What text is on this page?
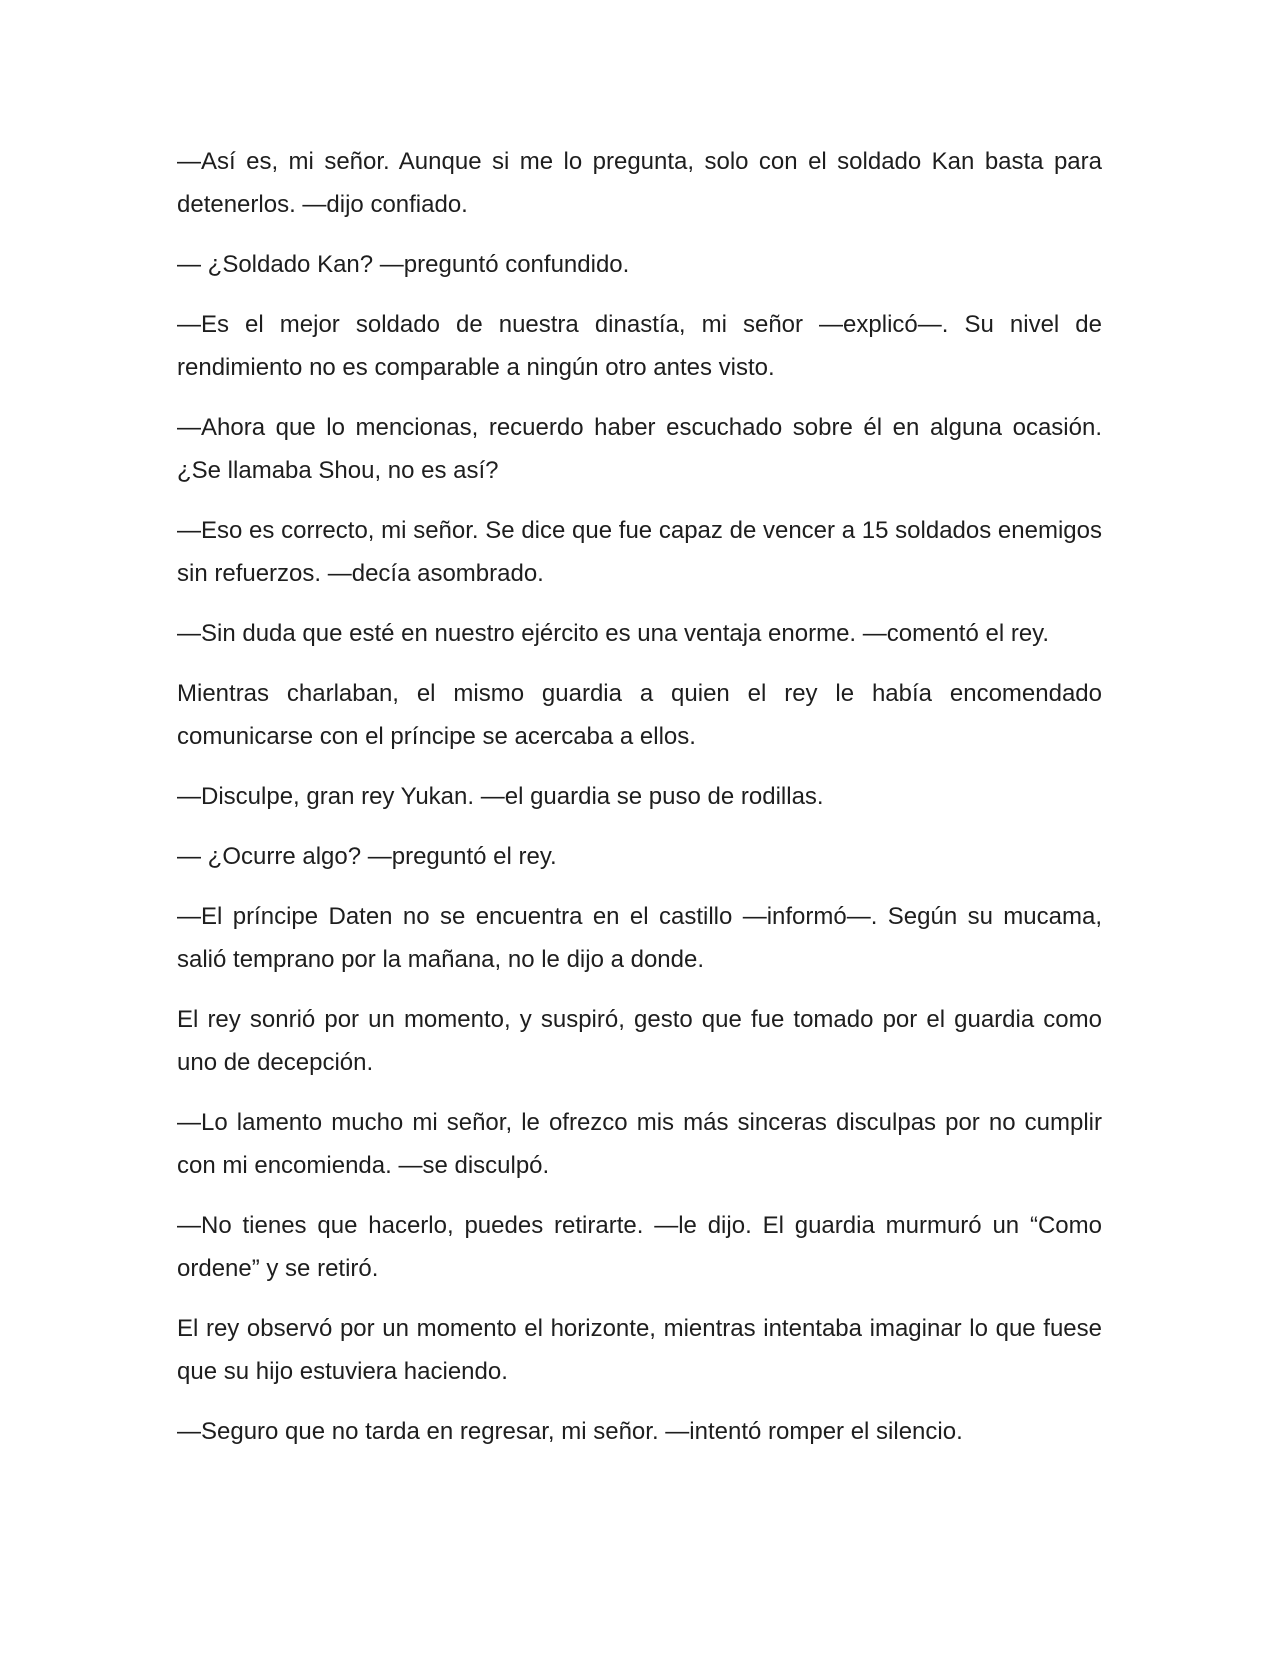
—Así es, mi señor. Aunque si me lo pregunta, solo con el soldado Kan basta para detenerlos. —dijo confiado.

— ¿Soldado Kan? —preguntó confundido.

—Es el mejor soldado de nuestra dinastía, mi señor —explicó—. Su nivel de rendimiento no es comparable a ningún otro antes visto.

—Ahora que lo mencionas, recuerdo haber escuchado sobre él en alguna ocasión. ¿Se llamaba Shou, no es así?

—Eso es correcto, mi señor. Se dice que fue capaz de vencer a 15 soldados enemigos sin refuerzos. —decía asombrado.

—Sin duda que esté en nuestro ejército es una ventaja enorme. —comentó el rey.

Mientras charlaban, el mismo guardia a quien el rey le había encomendado comunicarse con el príncipe se acercaba a ellos.

—Disculpe, gran rey Yukan. —el guardia se puso de rodillas.

— ¿Ocurre algo? —preguntó el rey.

—El príncipe Daten no se encuentra en el castillo —informó—. Según su mucama, salió temprano por la mañana, no le dijo a donde.

El rey sonrió por un momento, y suspiró, gesto que fue tomado por el guardia como uno de decepción.

—Lo lamento mucho mi señor, le ofrezco mis más sinceras disculpas por no cumplir con mi encomienda. —se disculpó.

—No tienes que hacerlo, puedes retirarte. —le dijo. El guardia murmuró un “Como ordene” y se retiró.

El rey observó por un momento el horizonte, mientras intentaba imaginar lo que fuese que su hijo estuviera haciendo.

—Seguro que no tarda en regresar, mi señor. —intentó romper el silencio.
